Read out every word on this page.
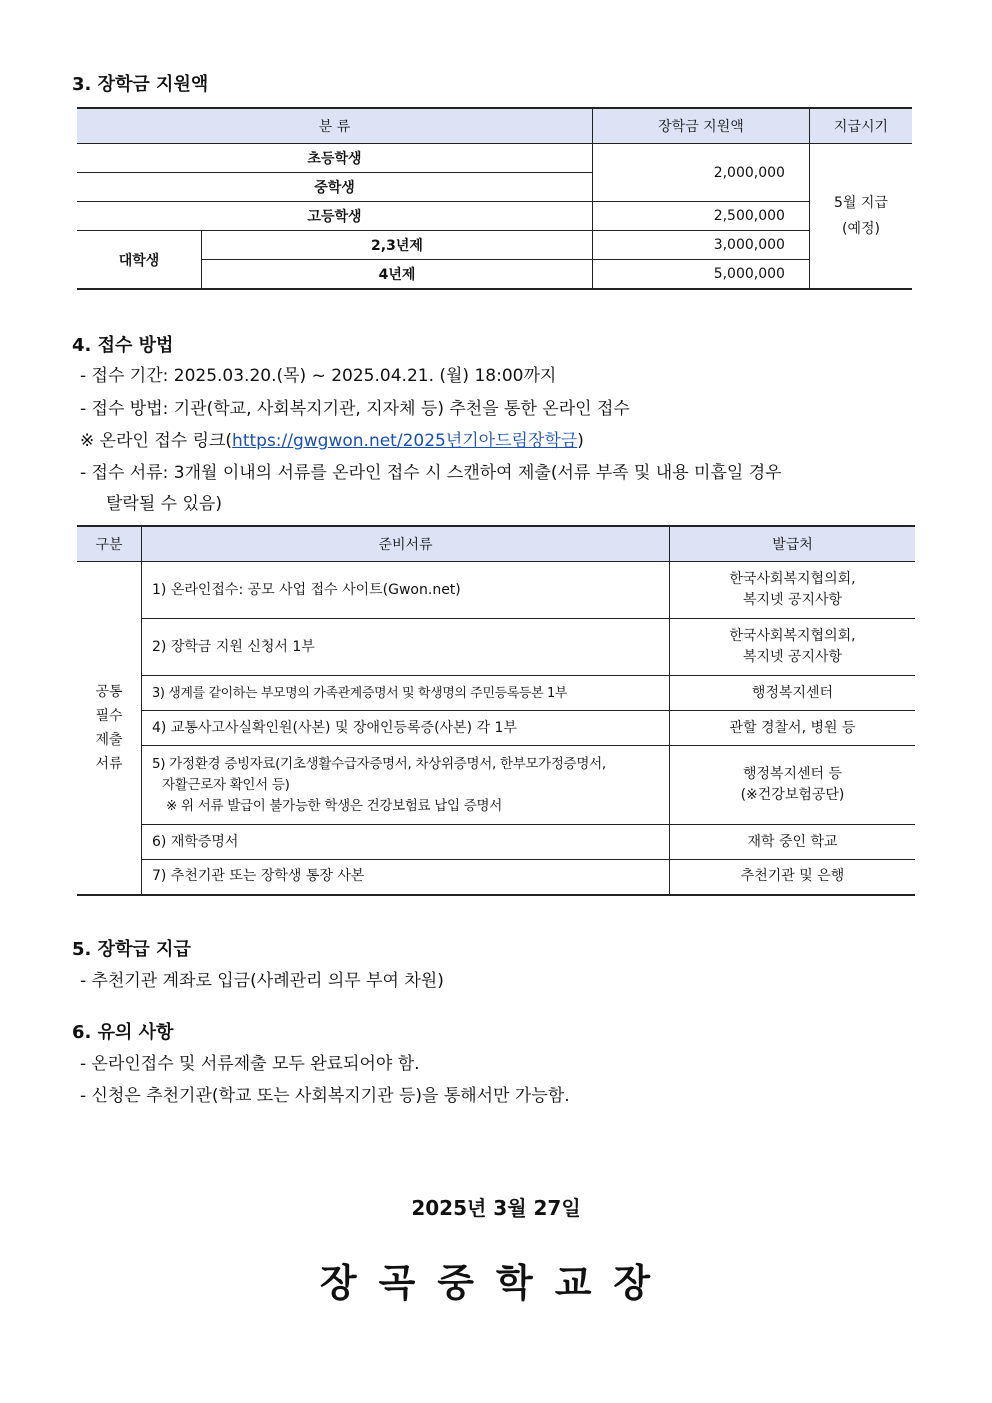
3. 장학금 지원액

분 류		장학금 지원액	지급시기
초등학생		2,000,000	5월 지급
(예정)

중학생			
고등학생		2,500,000	
대학생	2,3년제	3,000,000	
	4년제	5,000,000	

4. 접수 방법

- 접수 기간: 2025.03.20.(목) ~ 2025.04.21. (월) 18:00까지

- 접수 방법: 기관(학교, 사회복지기관, 지자체 등) 추천을 통한 온라인 접수

※ 온라인 접수 링크(https://gwgwon.net/2025년기아드림장학금)

- 접수 서류: 3개월 이내의 서류를 온라인 접수 시 스캔하여 제출(서류 부족 및 내용 미흡일 경우

탈락될 수 있음)

구분	준비서류	발급처

공통
필수
제출
서류	1) 온라인접수: 공모 사업 접수 사이트(Gwon.net)	한국사회복지협의회,
복지넷 공지사항

	2) 장학금 지원 신청서 1부	한국사회복지협의회,
복지넷 공지사항

	3) 생계를 같이하는 부모명의 가족관계증명서 및 학생명의 주민등록등본 1부	행정복지센터
	4) 교통사고사실확인원(사본) 및 장애인등록증(사본) 각 1부	관할 경찰서, 병원 등

	5) 가정환경 증빙자료(기초생활수급자증명서, 차상위증명서, 한부모가정증명서,
자활근로자 확인서 등)
※ 위 서류 발급이 불가능한 학생은 건강보험료 납입 증명서	행정복지센터 등
(※건강보험공단)

	6) 재학증명서	재학 중인 학교
	7) 추천기관 또는 장학생 통장 사본	추천기관 및 은행

5. 장학급 지급

- 추천기관 계좌로 입금(사례관리 의무 부여 차원)

6. 유의 사항

- 온라인접수 및 서류제출 모두 완료되어야 함.

- 신청은 추천기관(학교 또는 사회복지기관 등)을 통해서만 가능함.

2025년 3월 27일
장곡중학교장
